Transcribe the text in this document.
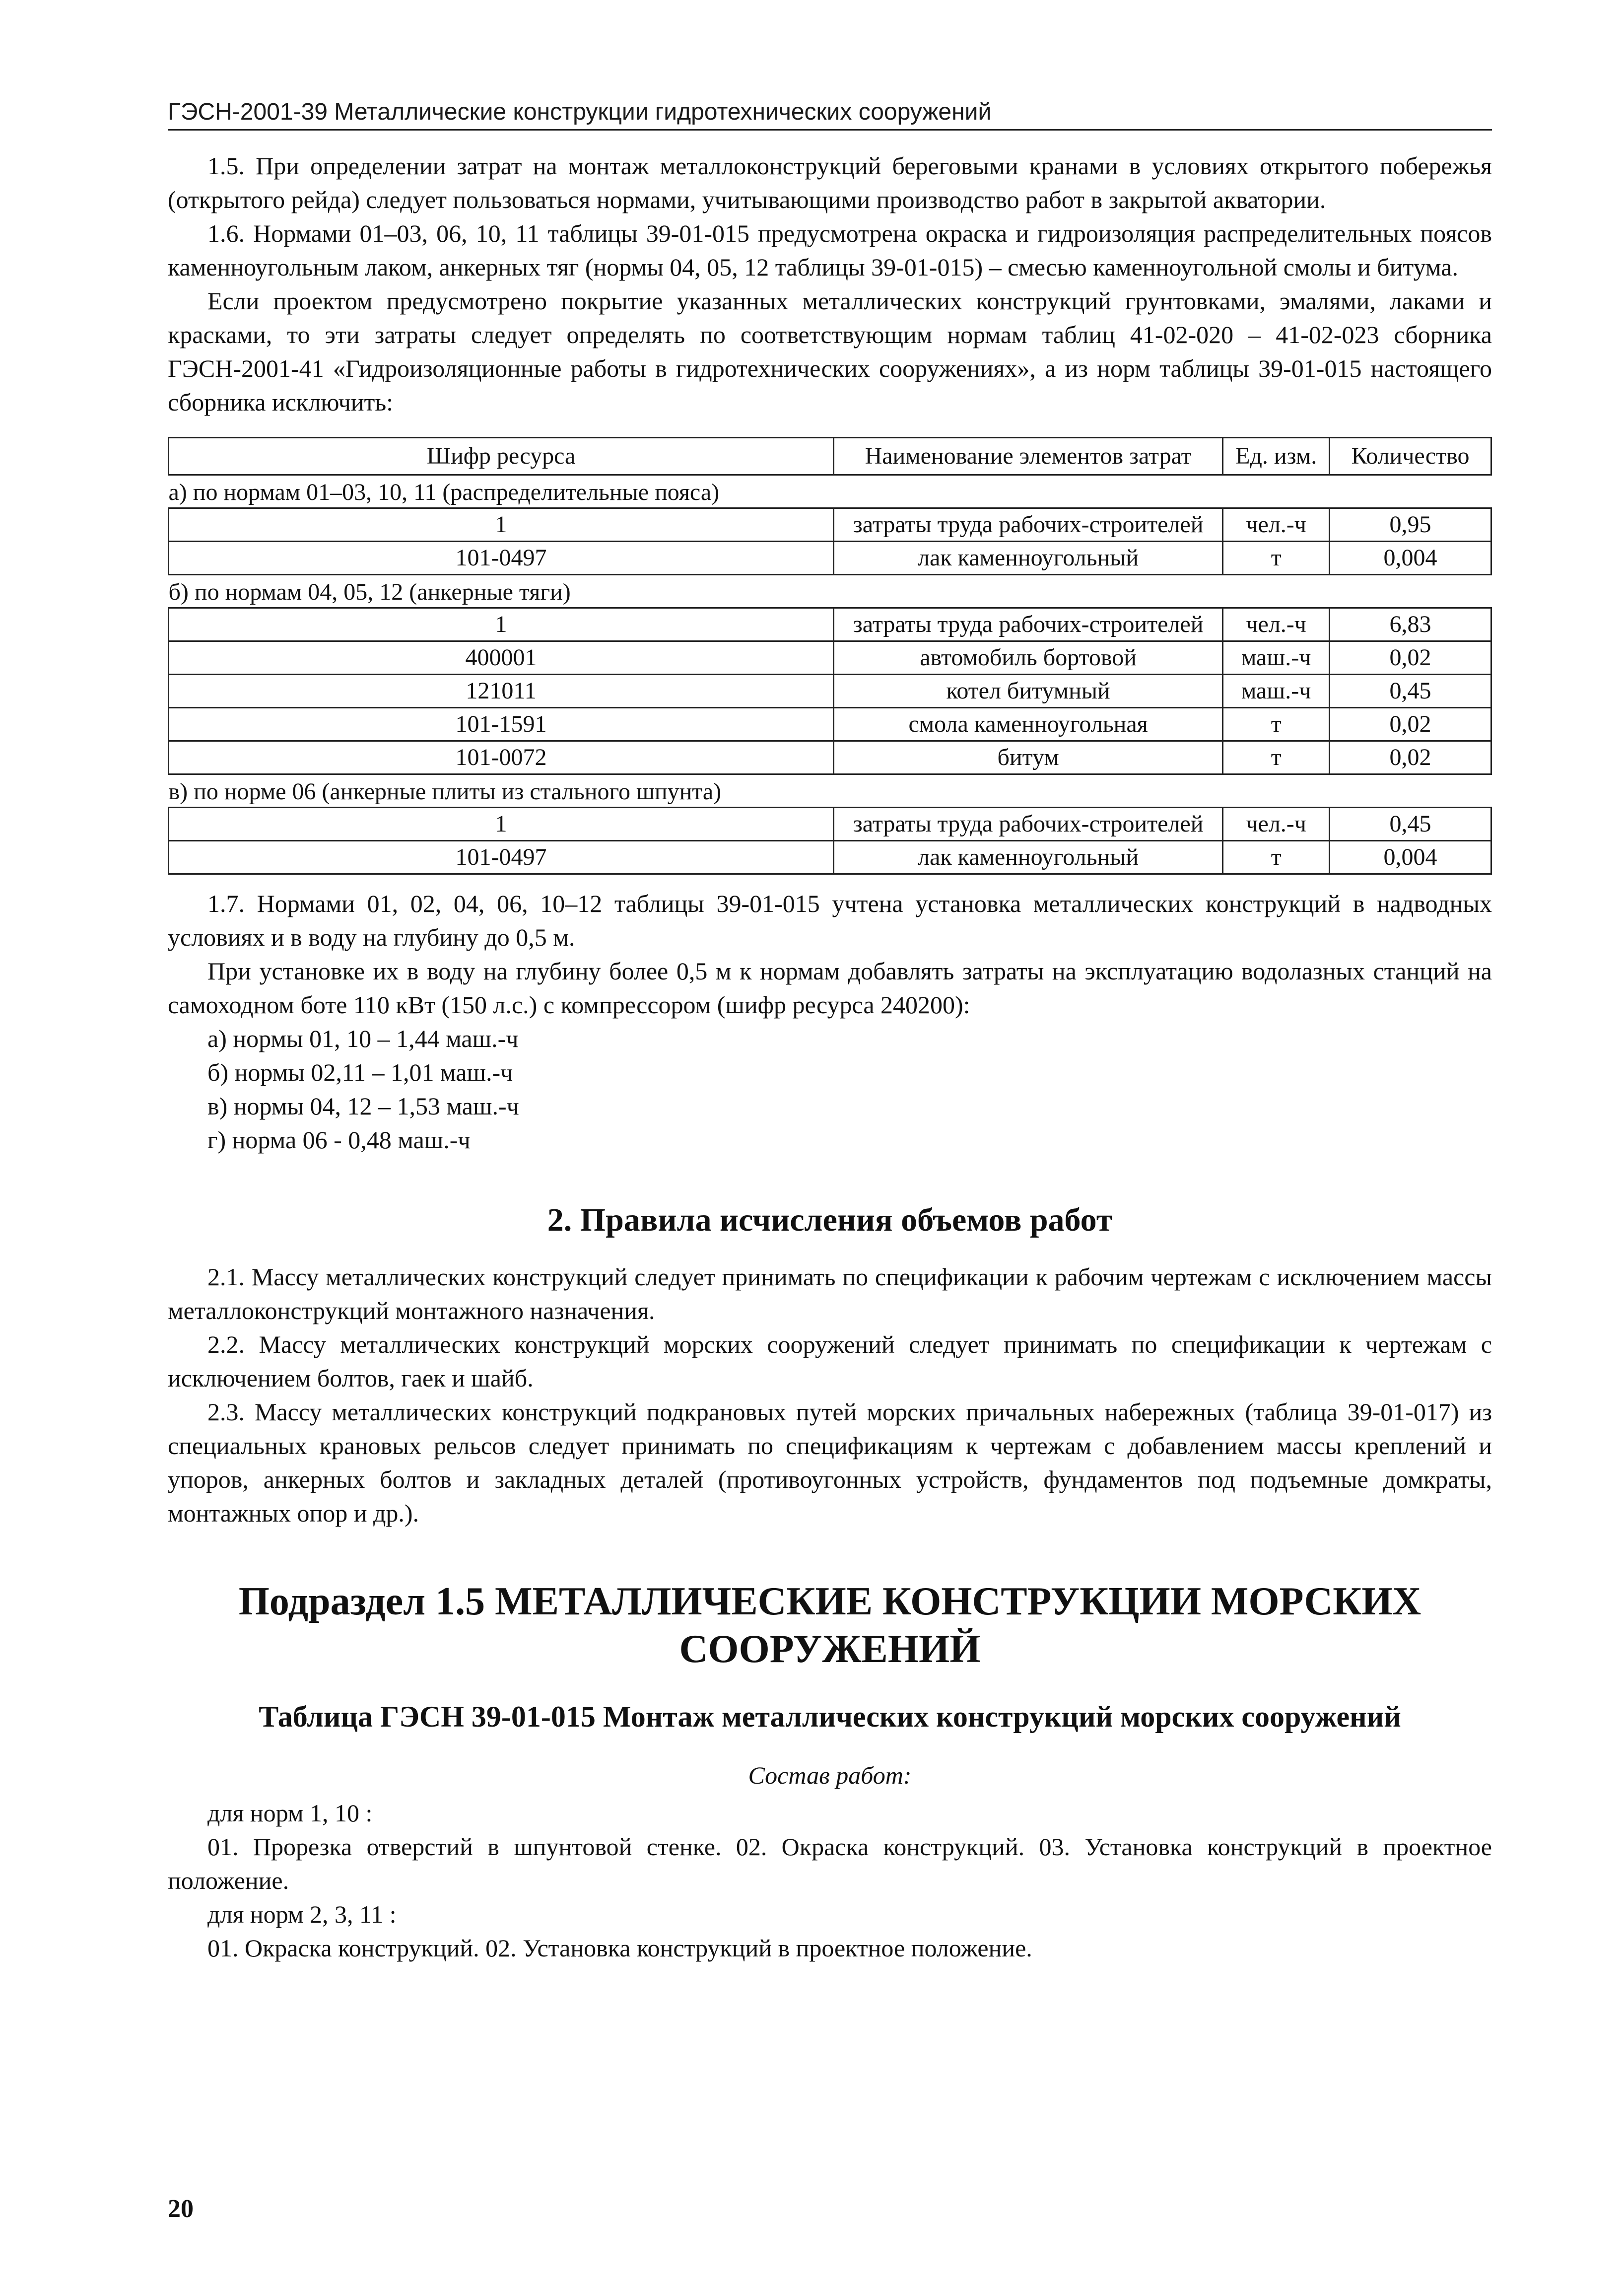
ГЭСН-2001-39 Металлические конструкции гидротехнических сооружений

1.5. При определении затрат на монтаж металлоконструкций береговыми кранами в условиях открытого побережья (открытого рейда) следует пользоваться нормами, учитывающими производство работ в закрытой акватории.

1.6. Нормами 01–03, 06, 10, 11 таблицы 39-01-015 предусмотрена окраска и гидроизоляция распределительных поясов каменноугольным лаком, анкерных тяг (нормы 04, 05, 12 таблицы 39-01-015) – смесью каменноугольной смолы и битума.

Если проектом предусмотрено покрытие указанных металлических конструкций грунтовками, эмалями, лаками и красками, то эти затраты следует определять по соответствующим нормам таблиц 41-02-020 – 41-02-023 сборника ГЭСН-2001-41 «Гидроизоляционные работы в гидротехнических сооружениях», а из норм таблицы 39-01-015 настоящего сборника исключить:

Шифр ресурса	Наименование элементов затрат	Ед. изм.	Количество
а) по нормам 01–03, 10, 11 (распределительные пояса)			
1	затраты труда рабочих-строителей	чел.-ч	0,95
101-0497	лак каменноугольный	т	0,004
б) по нормам 04, 05, 12 (анкерные тяги)			
1	затраты труда рабочих-строителей	чел.-ч	6,83
400001	автомобиль бортовой	маш.-ч	0,02
121011	котел битумный	маш.-ч	0,45
101-1591	смола каменноугольная	т	0,02
101-0072	битум	т	0,02
в) по норме 06 (анкерные плиты из стального шпунта)			
1	затраты труда рабочих-строителей	чел.-ч	0,45
101-0497	лак каменноугольный	т	0,004

1.7. Нормами 01, 02, 04, 06, 10–12 таблицы 39-01-015 учтена установка металлических конструкций в надводных условиях и в воду на глубину до 0,5 м.

При установке их в воду на глубину более 0,5 м к нормам добавлять затраты на эксплуатацию водолазных станций на самоходном боте 110 кВт (150 л.с.) с компрессором (шифр ресурса 240200):

а) нормы 01, 10 – 1,44 маш.-ч
б) нормы 02,11 – 1,01 маш.-ч
в) нормы 04, 12 – 1,53 маш.-ч
г) норма 06 - 0,48 маш.-ч
2. Правила исчисления объемов работ

2.1. Массу металлических конструкций следует принимать по спецификации к рабочим чертежам с исключением массы металлоконструкций монтажного назначения.

2.2. Массу металлических конструкций морских сооружений следует принимать по спецификации к чертежам с исключением болтов, гаек и шайб.

2.3. Массу металлических конструкций подкрановых путей морских причальных набережных (таблица 39-01-017) из специальных крановых рельсов следует принимать по спецификациям к чертежам с добавлением массы креплений и упоров, анкерных болтов и закладных деталей (противоугонных устройств, фундаментов под подъемные домкраты, монтажных опор и др.).

Подраздел 1.5 МЕТАЛЛИЧЕСКИЕ КОНСТРУКЦИИ МОРСКИХ
СООРУЖЕНИЙ
Таблица ГЭСН 39-01-015 Монтаж металлических конструкций морских сооружений
Состав работ:
для норм 1, 10 :

01. Прорезка отверстий в шпунтовой стенке. 02. Окраска конструкций. 03. Установка конструкций в проектное положение.

для норм 2, 3, 11 :

01. Окраска конструкций. 02. Установка конструкций в проектное положение.

20
